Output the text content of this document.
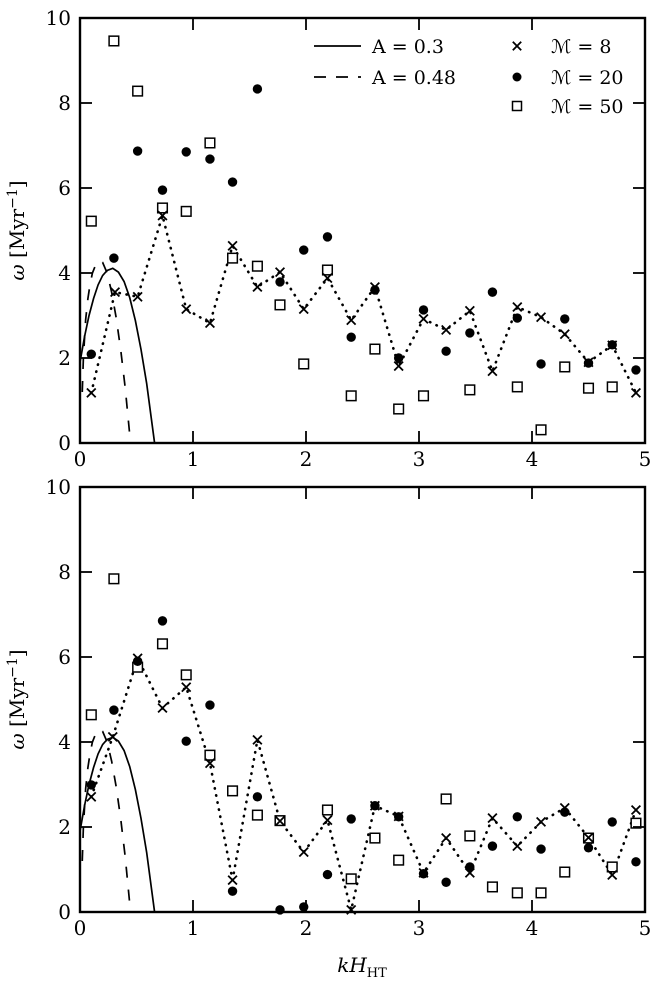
0	1	2	3	4	5
0
2
4
6
8
10
ω [Myr$^{-1}$]
A = 0.3
A = 0.48
ℳ = 8
ℳ = 20
ℳ = 50
0	1	2	3	4	5
0
2
4
6
8
10
ω [Myr$^{-1}$]
$kH_{HT}$
